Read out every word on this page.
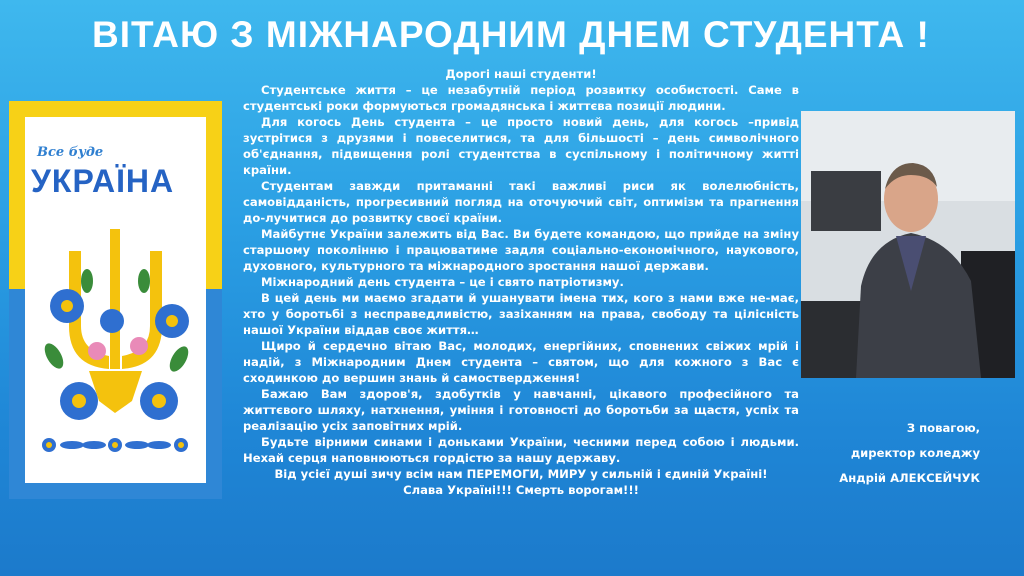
ВІТАЮ З МІЖНАРОДНИМ ДНЕМ СТУДЕНТА !
Все буде
УКРАЇНА

Дорогі наші студенти!

Студентське життя – це незабутній період розвитку особистості. Саме в студентські роки формуються громадянська і життєва позиції людини.

Для когось День студента – це просто новий день, для когось –привід зустрітися з друзями і повеселитися, та для більшості – день символічного об'єднання, підвищення ролі студентства в суспільному і політичному житті країни.

Студентам завжди притаманні такі важливі риси як волелюбність, самовідданість, прогресивний погляд на оточуючий світ, оптимізм та прагнення до-лучитися до розвитку своєї країни.

Майбутнє України залежить від Вас. Ви будете командою, що прийде на зміну старшому поколінню і працюватиме задля соціально-економічного, наукового, духовного, культурного та міжнародного зростання нашої держави.

Міжнародний день студента – це і свято патріотизму.

В цей день ми маємо згадати й ушанувати імена тих, кого з нами вже не-має, хто у боротьбі з несправедливістю, зазіханням на права, свободу та цілісність нашої України віддав своє життя…

Щиро й сердечно вітаю Вас, молодих, енергійних, сповнених свіжих мрій і надій, з Міжнародним Днем студента – святом, що для кожного з Вас є сходинкою до вершин знань й самоствердження!

Бажаю Вам здоров'я, здобутків у навчанні, цікавого професійного та життєвого шляху, натхнення, уміння і готовності до боротьби за щастя, успіх та реалізацію усіх заповітних мрій.

Будьте вірними синами і доньками України, чесними перед собою і людьми. Нехай серця наповнюються гордістю за нашу державу.

Від усієї душі зичу всім нам ПЕРЕМОГИ, МИРУ у сильній і єдиній Україні!

Слава Україні!!! Смерть ворогам!!!

З повагою,
директор коледжу
Андрій АЛЕКСЕЙЧУК
